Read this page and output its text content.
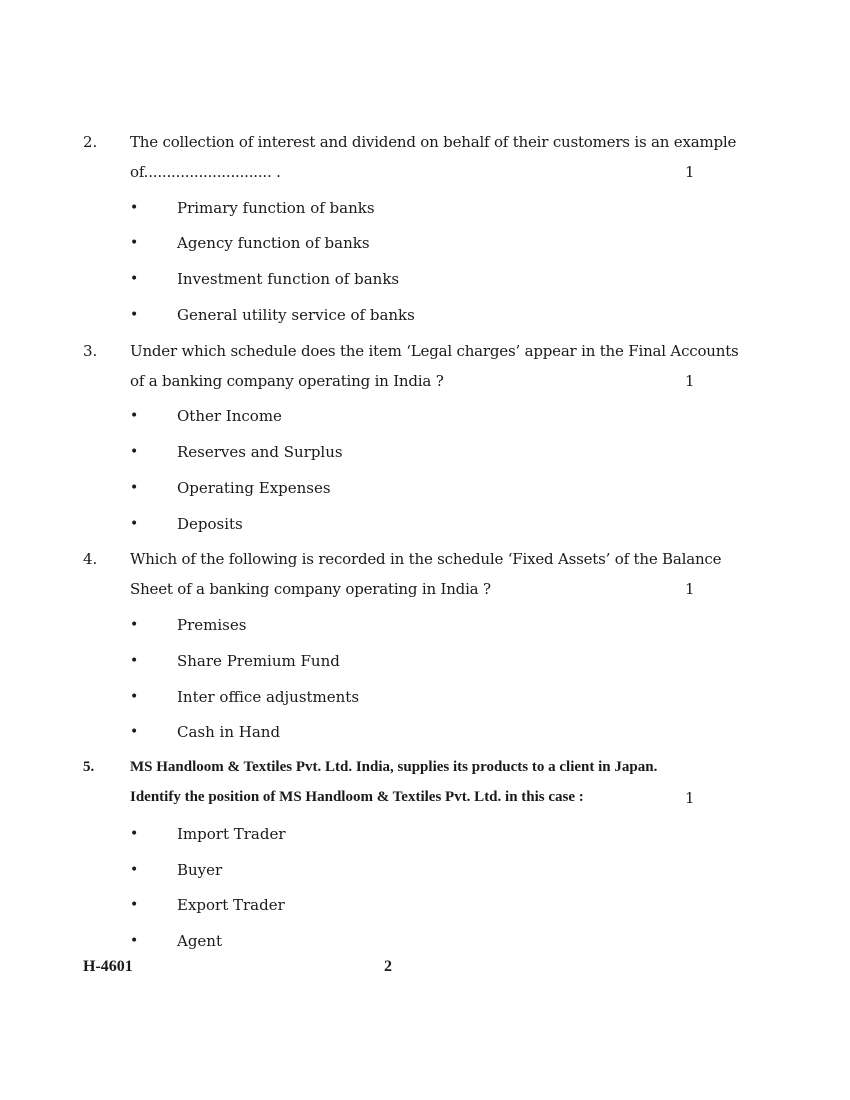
2. The collection of interest and dividend on behalf of their customers is an example
of............................ .	1
•	Primary function of banks
•	Agency function of banks
•	Investment function of banks
•	General utility service of banks
3. Under which schedule does the item ‘Legal charges’ appear in the Final Accounts
of a banking company operating in India ?	1
•	Other Income
•	Reserves and Surplus
•	Operating Expenses
•	Deposits
4. Which of the following is recorded in the schedule ‘Fixed Assets’ of the Balance
Sheet of a banking company operating in India ?	1
•	Premises
•	Share Premium Fund
•	Inter office adjustments
•	Cash in Hand
5. MS Handloom & Textiles Pvt. Ltd. India, supplies its products to a client in Japan.
Identify the position of MS Handloom & Textiles Pvt. Ltd. in this case :	1
•	Import Trader
•	Buyer
•	Export Trader
•	Agent
H-4601	2
